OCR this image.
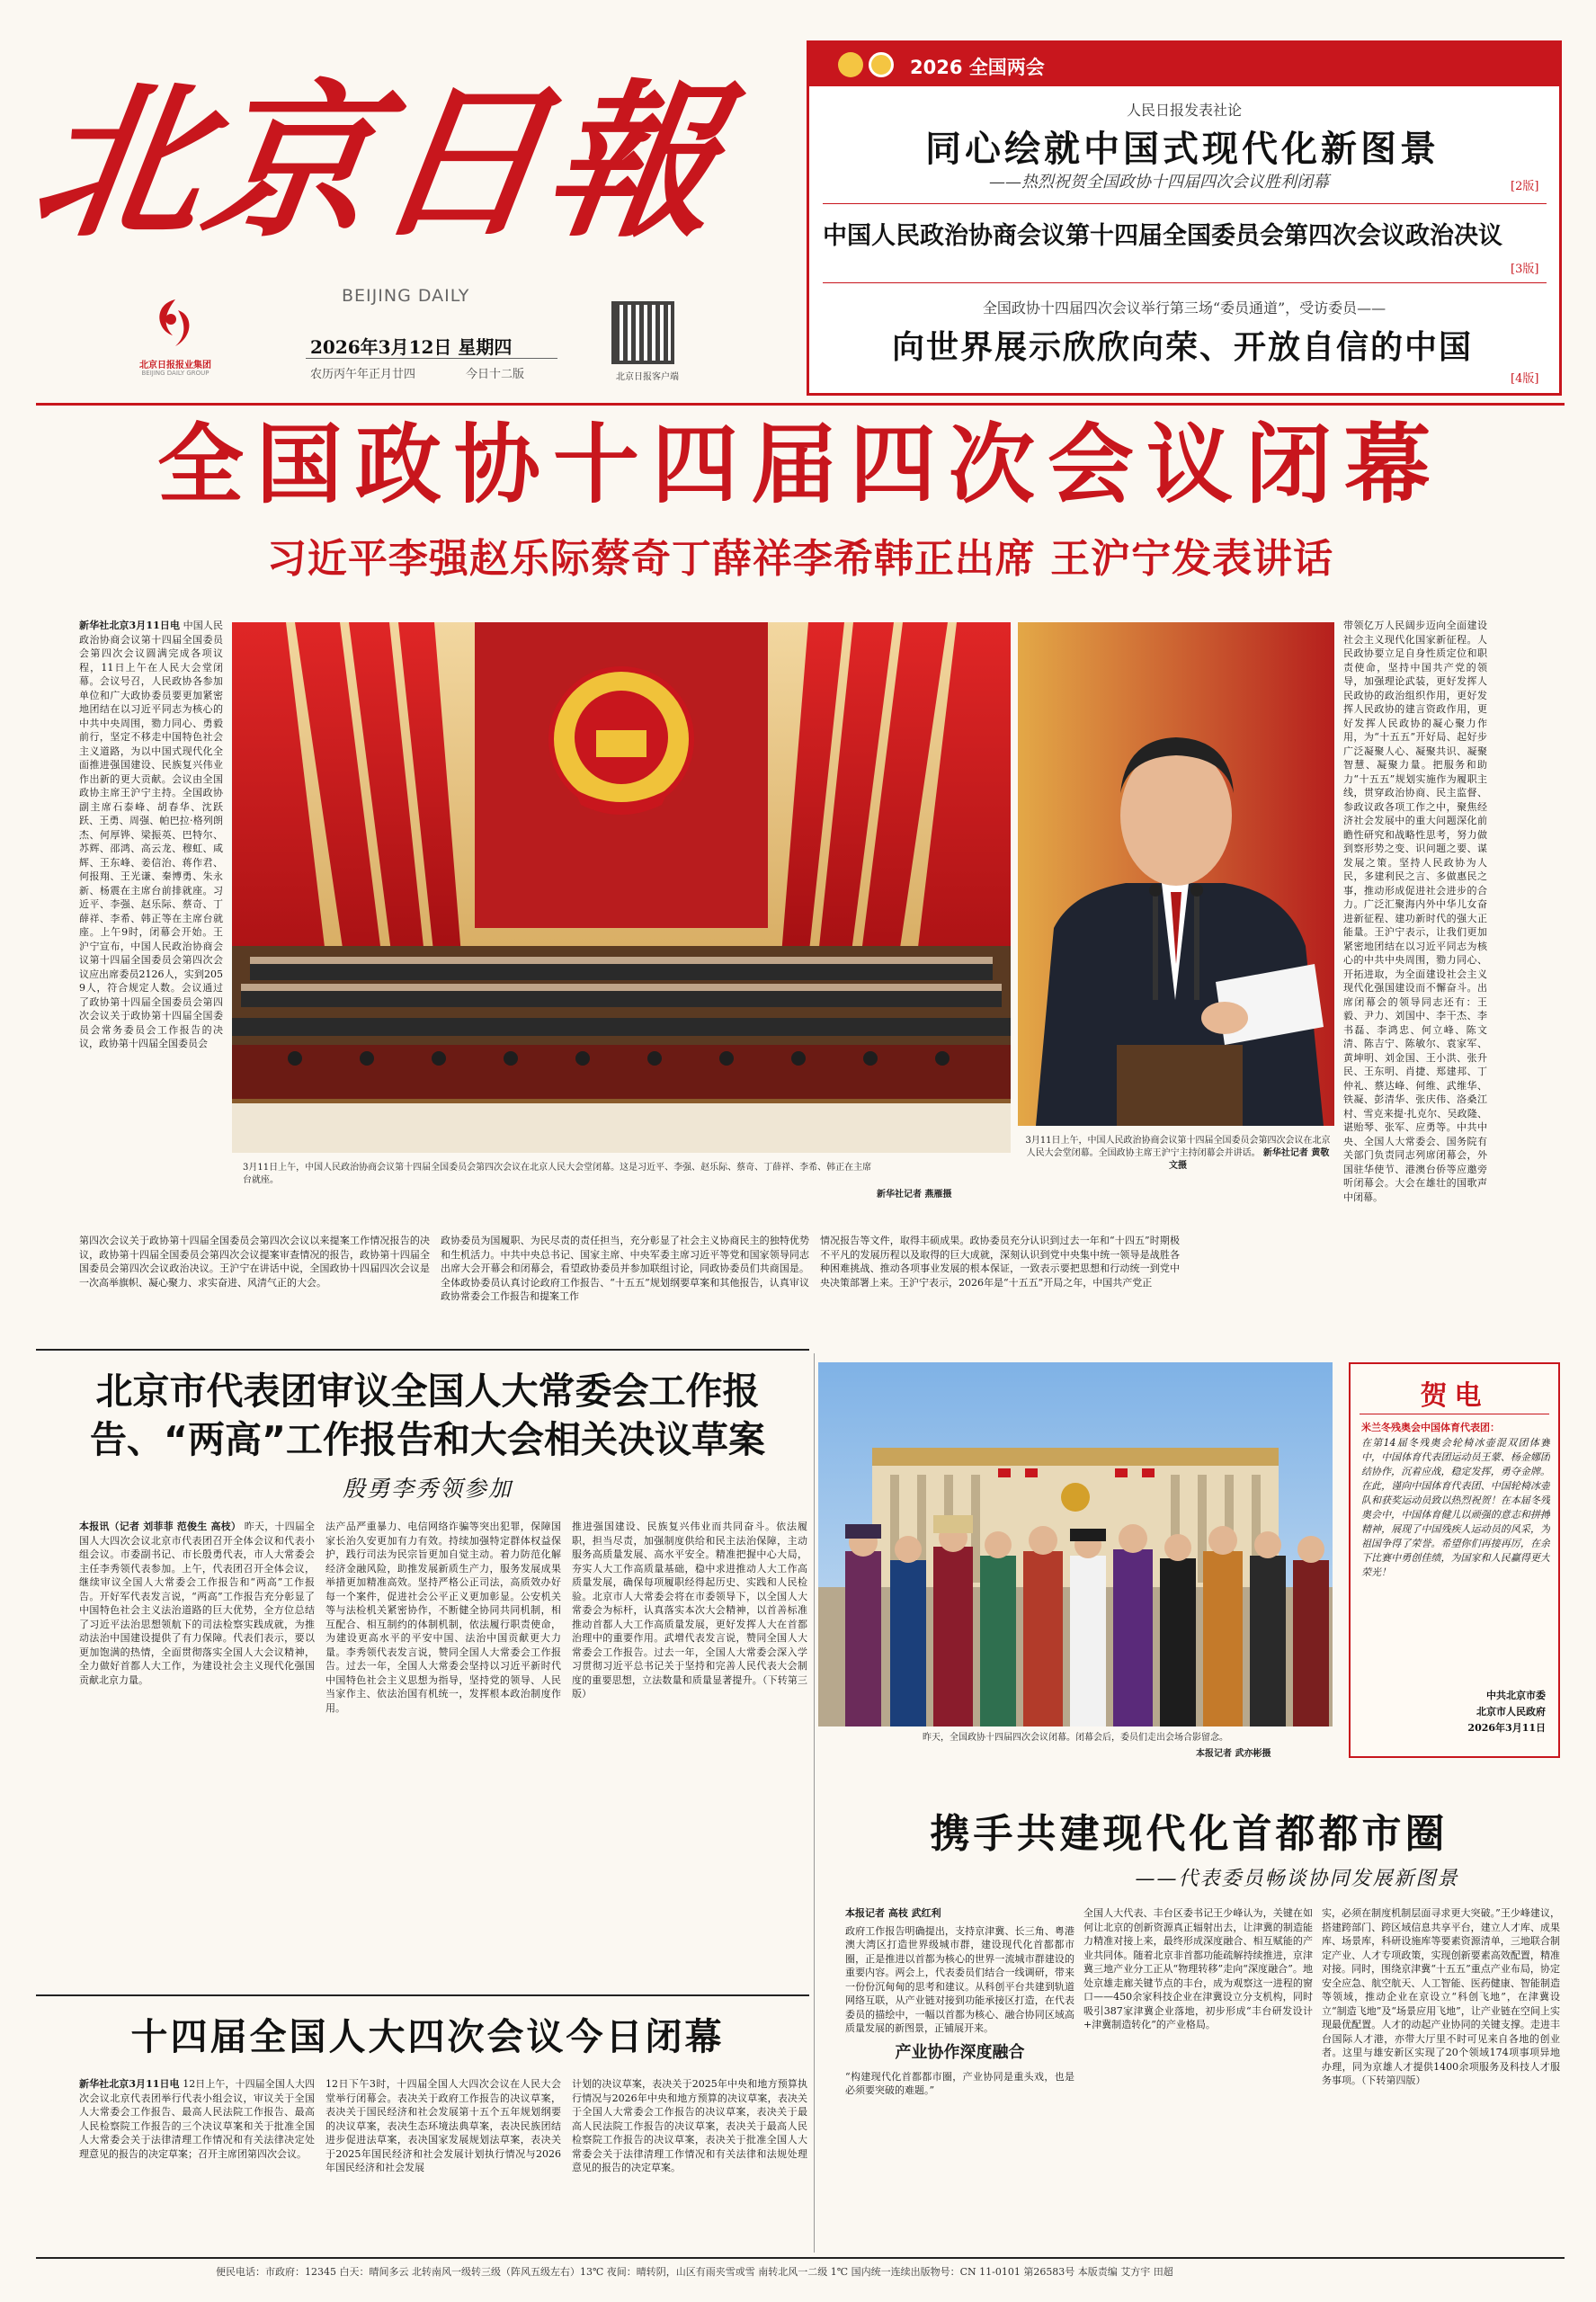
北京日報
BEIJING DAILY
北京日报报业集团
BEIJING DAILY GROUP
2026年3月12日 星期四
农历丙午年正月廿四	今日十二版	北京日报客户端
2026 全国两会
人民日报发表社论
同心绘就中国式现代化新图景
——热烈祝贺全国政协十四届四次会议胜利闭幕	[2版]
中国人民政治协商会议第十四届全国委员会第四次会议政治决议
[3版]
全国政协十四届四次会议举行第三场“委员通道”，受访委员——
向世界展示欣欣向荣、开放自信的中国
[4版]
全国政协十四届四次会议闭幕
习近平李强赵乐际蔡奇丁薛祥李希韩正出席 王沪宁发表讲话
新华社北京3月11日电 中国人民政治协商会议第十四届全国委员会第四次会议圆满完成各项议程，11日上午在人民大会堂闭幕。会议号召，人民政协各参加单位和广大政协委员要更加紧密地团结在以习近平同志为核心的中共中央周围，勠力同心、勇毅前行，坚定不移走中国特色社会主义道路，为以中国式现代化全面推进强国建设、民族复兴伟业作出新的更大贡献。会议由全国政协主席王沪宁主持。全国政协副主席石泰峰、胡春华、沈跃跃、王勇、周强、帕巴拉·格列朗杰、何厚铧、梁振英、巴特尔、苏辉、邵鸿、高云龙、穆虹、咸辉、王东峰、姜信治、蒋作君、何报翔、王光谦、秦博勇、朱永新、杨震在主席台前排就座。习近平、李强、赵乐际、蔡奇、丁薛祥、李希、韩正等在主席台就座。上午9时，闭幕会开始。王沪宁宣布，中国人民政治协商会议第十四届全国委员会第四次会议应出席委员2126人，实到2059人，符合规定人数。会议通过了政协第十四届全国委员会第四次会议关于政协第十四届全国委员会常务委员会工作报告的决议，政协第十四届全国委员会
3月11日上午，中国人民政治协商会议第十四届全国委员会第四次会议在北京人民大会堂闭幕。这是习近平、李强、赵乐际、蔡奇、丁薛祥、李希、韩正在主席台就座。
新华社记者 燕雁摄
3月11日上午，中国人民政治协商会议第十四届全国委员会第四次会议在北京人民大会堂闭幕。全国政协主席王沪宁主持闭幕会并讲话。 新华社记者 黄敬文摄
带领亿万人民阔步迈向全面建设社会主义现代化国家新征程。人民政协要立足自身性质定位和职责使命，坚持中国共产党的领导，加强理论武装，更好发挥人民政协的政治组织作用，更好发挥人民政协的建言资政作用，更好发挥人民政协的凝心聚力作用，为“十五五”开好局、起好步广泛凝聚人心、凝聚共识、凝聚智慧、凝聚力量。把服务和助力“十五五”规划实施作为履职主线，贯穿政治协商、民主监督、参政议政各项工作之中，聚焦经济社会发展中的重大问题深化前瞻性研究和战略性思考，努力做到察形势之变、识问题之要、谋发展之策。坚持人民政协为人民，多建利民之言、多做惠民之事，推动形成促进社会进步的合力。广泛汇聚海内外中华儿女奋进新征程、建功新时代的强大正能量。王沪宁表示，让我们更加紧密地团结在以习近平同志为核心的中共中央周围，勠力同心、开拓进取，为全面建设社会主义现代化强国建设而不懈奋斗。出席闭幕会的领导同志还有：王毅、尹力、刘国中、李干杰、李书磊、李鸿忠、何立峰、陈文清、陈吉宁、陈敏尔、袁家军、黄坤明、刘金国、王小洪、张升民、王东明、肖捷、郑建邦、丁仲礼、蔡达峰、何维、武维华、铁凝、彭清华、张庆伟、洛桑江村、雪克来提·扎克尔、吴政隆、谌贻琴、张军、应勇等。中共中央、全国人大常委会、国务院有关部门负责同志列席闭幕会，外国驻华使节、港澳台侨等应邀旁听闭幕会。大会在雄壮的国歌声中闭幕。
第四次会议关于政协第十四届全国委员会第四次会议以来提案工作情况报告的决议，政协第十四届全国委员会第四次会议提案审查情况的报告，政协第十四届全国委员会第四次会议政治决议。王沪宁在讲话中说，全国政协十四届四次会议是一次高举旗帜、凝心聚力、求实奋进、风清气正的大会。
政协委员为国履职、为民尽责的责任担当，充分彰显了社会主义协商民主的独特优势和生机活力。中共中央总书记、国家主席、中央军委主席习近平等党和国家领导同志出席大会开幕会和闭幕会，看望政协委员并参加联组讨论，同政协委员们共商国是。全体政协委员认真讨论政府工作报告、“十五五”规划纲要草案和其他报告，认真审议政协常委会工作报告和提案工作
情况报告等文件，取得丰硕成果。政协委员充分认识到过去一年和“十四五”时期极不平凡的发展历程以及取得的巨大成就，深刻认识到党中央集中统一领导是战胜各种困难挑战、推动各项事业发展的根本保证，一致表示要把思想和行动统一到党中央决策部署上来。王沪宁表示，2026年是“十五五”开局之年，中国共产党正
北京市代表团审议全国人大常委会工作报告、“两高”工作报告和大会相关决议草案
殷勇李秀领参加
本报讯（记者 刘菲菲 范俊生 高枝） 昨天，十四届全国人大四次会议北京市代表团召开全体会议和代表小组会议。市委副书记、市长殷勇代表，市人大常委会主任李秀领代表参加。上午，代表团召开全体会议，继续审议全国人大常委会工作报告和“两高”工作报告。开好军代表发言说，“两高”工作报告充分彰显了中国特色社会主义法治道路的巨大优势，全方位总结了习近平法治思想领航下的司法检察实践成就，为推动法治中国建设提供了有力保障。代表们表示，要以更加饱满的热情，全面贯彻落实全国人大会议精神，全力做好首都人大工作，为建设社会主义现代化强国贡献北京力量。
法产品严重暴力、电信网络诈骗等突出犯罪，保障国家长治久安更加有力有效。持续加强特定群体权益保护，践行司法为民宗旨更加自觉主动。着力防范化解经济金融风险，助推发展新质生产力，服务发展成果举措更加精准高效。坚持严格公正司法，高质效办好每一个案件，促进社会公平正义更加彰显。公安机关等与法检机关紧密协作，不断健全协同共同机制，相互配合、相互制约的体制机制，依法履行职责使命，为建设更高水平的平安中国、法治中国贡献更大力量。李秀领代表发言说，赞同全国人大常委会工作报告。过去一年，全国人大常委会坚持以习近平新时代中国特色社会主义思想为指导，坚持党的领导、人民当家作主、依法治国有机统一，发挥根本政治制度作用。
推进强国建设、民族复兴伟业而共同奋斗。依法履职，担当尽责，加强制度供给和民主法治保障，主动服务高质量发展、高水平安全。精准把握中心大局，夯实人大工作高质量基础，稳中求进推动人大工作高质量发展，确保每项履职经得起历史、实践和人民检验。北京市人大常委会将在市委领导下，以全国人大常委会为标杆，认真落实本次大会精神，以首善标准推动首都人大工作高质量发展，更好发挥人大在首都治理中的重要作用。武增代表发言说，赞同全国人大常委会工作报告。过去一年，全国人大常委会深入学习贯彻习近平总书记关于坚持和完善人民代表大会制度的重要思想，立法数量和质量显著提升。（下转第三版）
昨天，全国政协十四届四次会议闭幕。闭幕会后，委员们走出会场合影留念。
本报记者 武亦彬摄
贺电
米兰冬残奥会中国体育代表团：
在第14届冬残奥会轮椅冰壶混双团体赛中，中国体育代表团运动员王蒙、杨金娜团结协作，沉着应战，稳定发挥，勇夺金牌。在此，谨向中国体育代表团、中国轮椅冰壶队和获奖运动员致以热烈祝贺！在本届冬残奥会中，中国体育健儿以顽强的意志和拼搏精神，展现了中国残疾人运动员的风采，为祖国争得了荣誉。希望你们再接再厉，在余下比赛中勇创佳绩，为国家和人民赢得更大荣光！
中共北京市委
北京市人民政府
2026年3月11日
携手共建现代化首都都市圈
——代表委员畅谈协同发展新图景
本报记者 高枝 武红利
政府工作报告明确提出，支持京津冀、长三角、粤港澳大湾区打造世界级城市群，建设现代化首都都市圈，正是推进以首都为核心的世界一流城市群建设的重要内容。两会上，代表委员们结合一线调研，带来一份份沉甸甸的思考和建议。从科创平台共建到轨道网络互联，从产业链对接到功能承接区打造，在代表委员的描绘中，一幅以首都为核心、融合协同区域高质量发展的新图景，正铺展开来。
产业协作深度融合
“构建现代化首都都市圈，产业协同是重头戏，也是必须要突破的难题。”
全国人大代表、丰台区委书记王少峰认为，关键在如何让北京的创新资源真正辐射出去，让津冀的制造能力精准对接上来，最终形成深度融合、相互赋能的产业共同体。随着北京非首都功能疏解持续推进，京津冀三地产业分工正从“物理转移”走向“深度融合”。地处京雄走廊关键节点的丰台，成为观察这一进程的窗口——450余家科技企业在津冀设立分支机构，同时吸引387家津冀企业落地，初步形成“丰台研发设计+津冀制造转化”的产业格局。
实，必须在制度机制层面寻求更大突破。”王少峰建议，搭建跨部门、跨区域信息共享平台，建立人才库、成果库、场景库，科研设施库等要素资源清单，三地联合制定产业、人才专项政策，实现创新要素高效配置，精准对接。同时，围绕京津冀“十五五”重点产业布局，协定安全应急、航空航天、人工智能、医药健康、智能制造等领域，推动企业在京设立“科创飞地”，在津冀设立“制造飞地”及“场景应用飞地”，让产业链在空间上实现最优配置。人才的动起产业协同的关键支撑。走进丰台国际人才港，亦带大厅里不时可见来自各地的创业者。这里与雄安新区实现了20个领域174项事项异地办理，同为京雄人才提供1400余项服务及科技人才服务事项。（下转第四版）
十四届全国人大四次会议今日闭幕
新华社北京3月11日电 12日上午，十四届全国人大四次会议北京代表团举行代表小组会议，审议关于全国人大常委会工作报告、最高人民法院工作报告、最高人民检察院工作报告的三个决议草案和关于批准全国人大常委会关于法律清理工作情况和有关法律决定处理意见的报告的决定草案；召开主席团第四次会议。
12日下午3时，十四届全国人大四次会议在人民大会堂举行闭幕会。表决关于政府工作报告的决议草案，表决关于国民经济和社会发展第十五个五年规划纲要的决议草案，表决生态环境法典草案，表决民族团结进步促进法草案，表决国家发展规划法草案，表决关于2025年国民经济和社会发展计划执行情况与2026年国民经济和社会发展
计划的决议草案，表决关于2025年中央和地方预算执行情况与2026年中央和地方预算的决议草案，表决关于全国人大常委会工作报告的决议草案，表决关于最高人民法院工作报告的决议草案，表决关于最高人民检察院工作报告的决议草案，表决关于批准全国人大常委会关于法律清理工作情况和有关法律和法规处理意见的报告的决定草案。
便民电话：市政府：12345 白天：晴间多云 北转南风一级转三级（阵风五级左右）13℃ 夜间：晴转阴，山区有雨夹雪或雪 南转北风一二级 1℃ 国内统一连续出版物号：CN 11-0101 第26583号 本版责编 艾方宇 田超
